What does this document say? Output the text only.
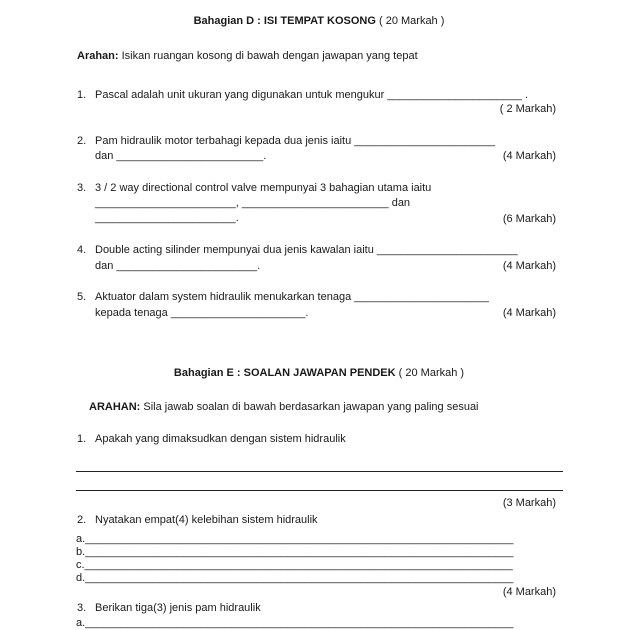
Bahagian D : ISI TEMPAT KOSONG ( 20 Markah )
Arahan: Isikan ruangan kosong di bawah dengan jawapan yang tepat
1. Pascal adalah unit ukuran yang digunakan untuk mengukur ______________________ .
( 2 Markah)
2. Pam hidraulik motor terbahagi kepada dua jenis iaitu _______________________
dan ________________________.	(4 Markah)
3. 3 / 2 way directional control valve mempunyai 3 bahagian utama iaitu
_______________________, ________________________ dan
_______________________.	(6 Markah)
4. Double acting silinder mempunyai dua jenis kawalan iaitu _______________________
dan _______________________.	(4 Markah)
5. Aktuator dalam system hidraulik menukarkan tenaga ______________________
kepada tenaga ______________________.	(4 Markah)
Bahagian E : SOALAN JAWAPAN PENDEK ( 20 Markah )
ARAHAN: Sila jawab soalan di bawah berdasarkan jawapan yang paling sesuai
1. Apakah yang dimaksudkan dengan sistem hidraulik
(3 Markah)
2. Nyatakan empat(4) kelebihan sistem hidraulik
a.______________________________________________________________________
b.______________________________________________________________________
c.______________________________________________________________________
d.______________________________________________________________________
(4 Markah)
3. Berikan tiga(3) jenis pam hidraulik
a.______________________________________________________________________
